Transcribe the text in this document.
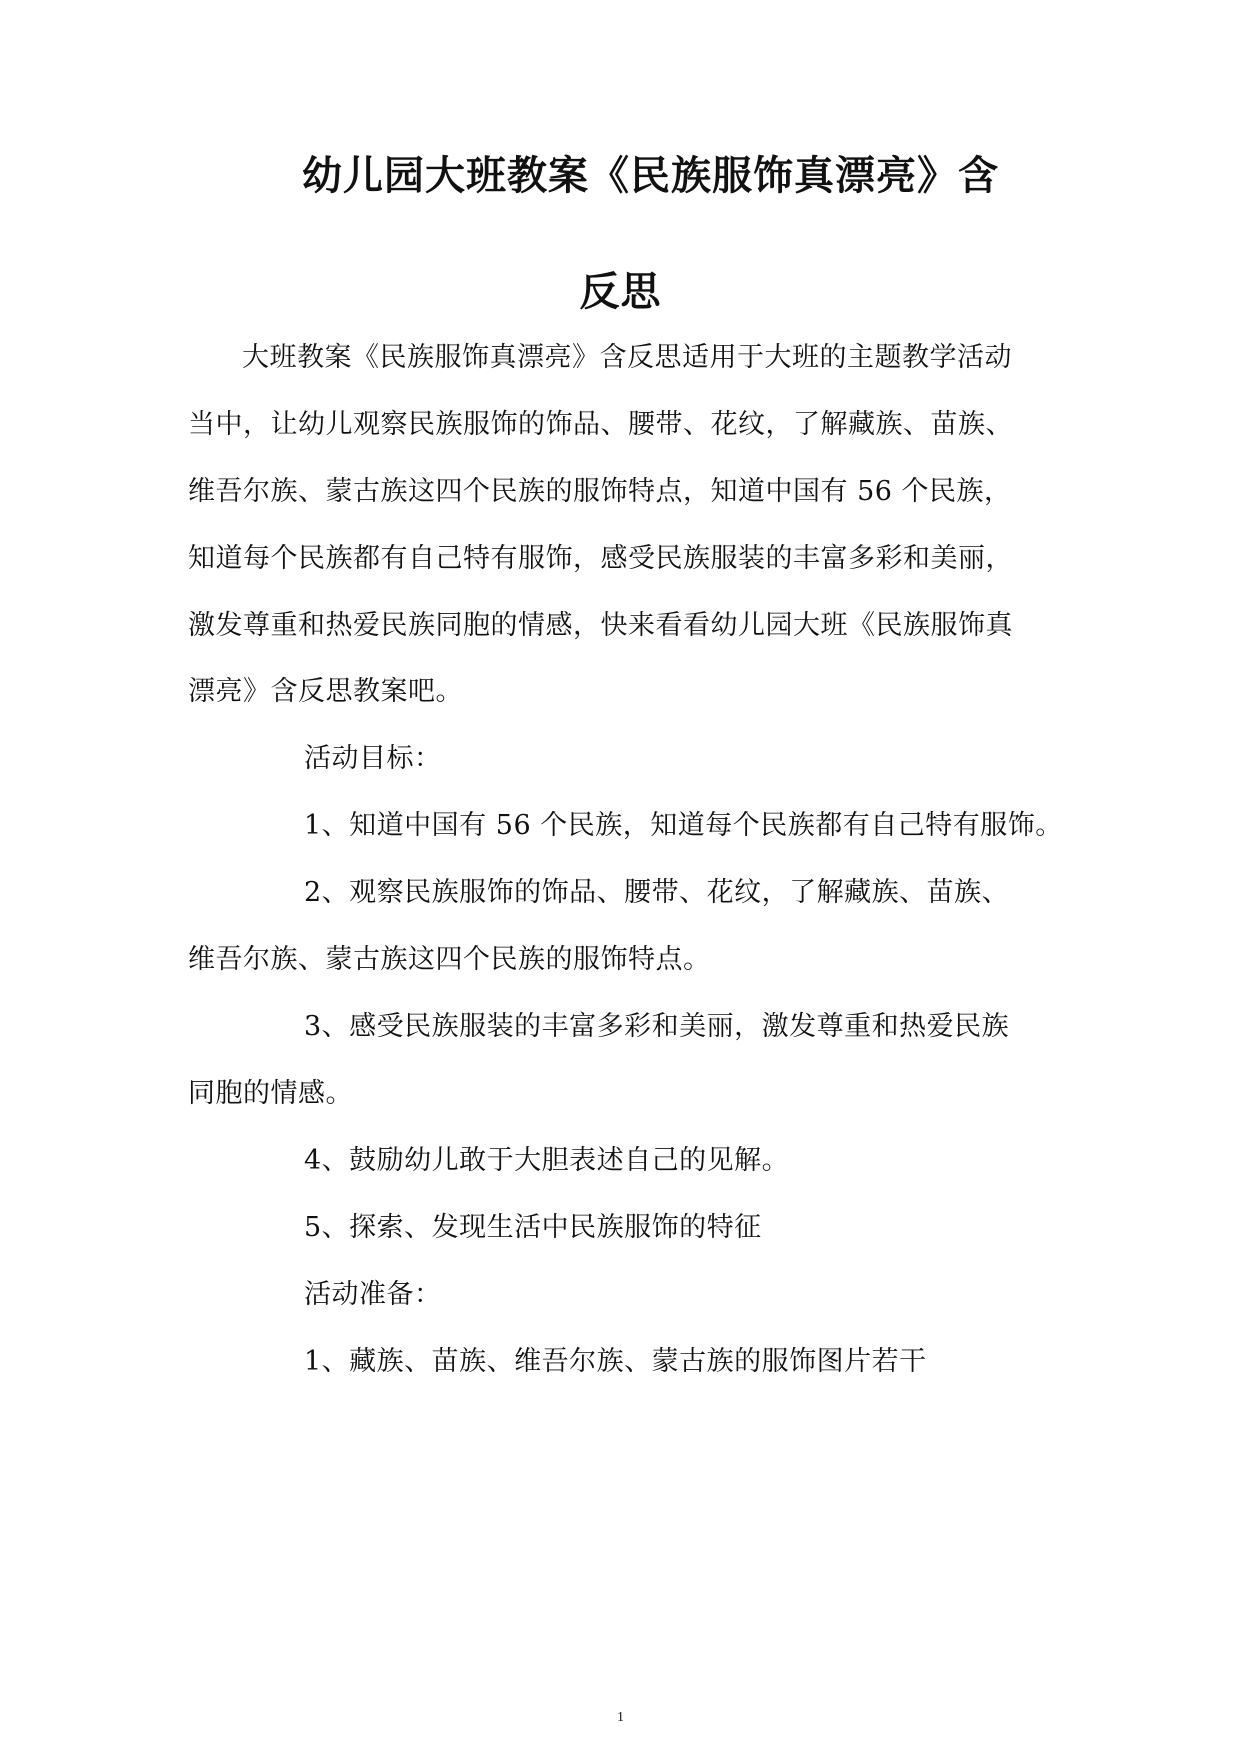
幼儿园大班教案《民族服饰真漂亮》含
反思
大班教案《民族服饰真漂亮》含反思适用于大班的主题教学活动
当中，让幼儿观察民族服饰的饰品、腰带、花纹，了解藏族、苗族、
维吾尔族、蒙古族这四个民族的服饰特点，知道中国有 56 个民族，
知道每个民族都有自己特有服饰，感受民族服装的丰富多彩和美丽，
激发尊重和热爱民族同胞的情感，快来看看幼儿园大班《民族服饰真
漂亮》含反思教案吧。
活动目标：
1、知道中国有 56 个民族，知道每个民族都有自己特有服饰。
2、观察民族服饰的饰品、腰带、花纹，了解藏族、苗族、
维吾尔族、蒙古族这四个民族的服饰特点。
3、感受民族服装的丰富多彩和美丽，激发尊重和热爱民族
同胞的情感。
4、鼓励幼儿敢于大胆表述自己的见解。
5、探索、发现生活中民族服饰的特征
活动准备：
1、藏族、苗族、维吾尔族、蒙古族的服饰图片若干
1
